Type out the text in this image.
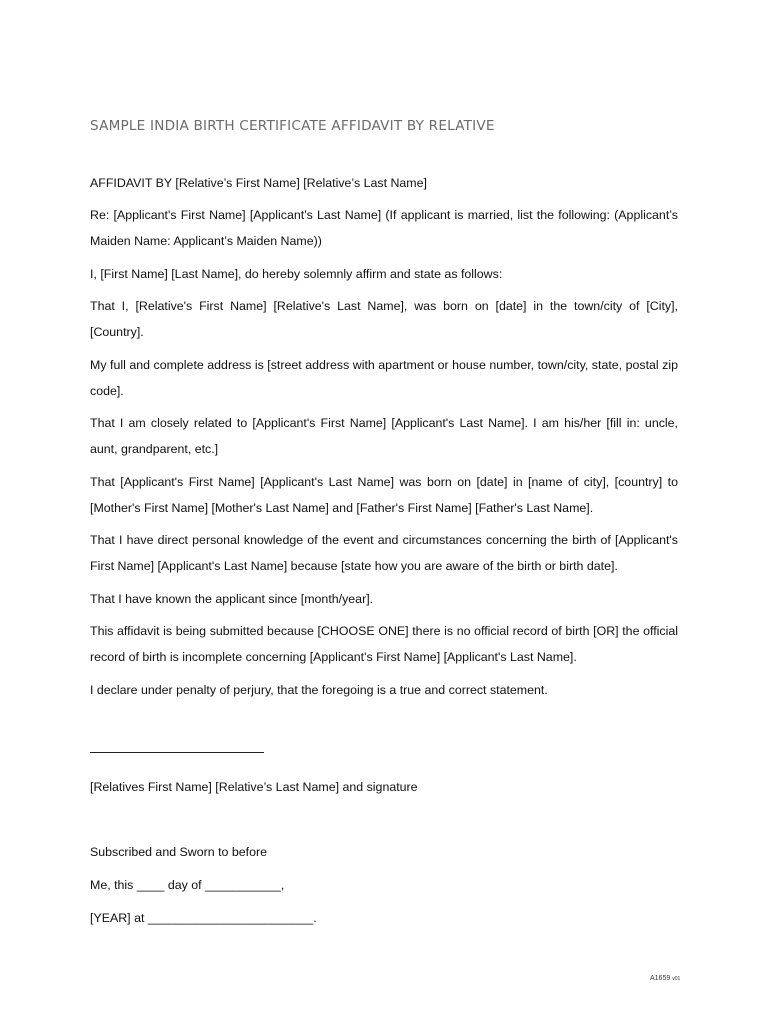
SAMPLE INDIA BIRTH CERTIFICATE AFFIDAVIT BY RELATIVE

AFFIDAVIT BY [Relative’s First Name] [Relative’s Last Name]

Re: [Applicant's First Name] [Applicant's Last Name] (If applicant is married, list the following: (Applicant’s Maiden Name: Applicant’s Maiden Name))

I, [First Name] [Last Name], do hereby solemnly affirm and state as follows:

That I, [Relative's First Name] [Relative's Last Name], was born on [date] in the town/city of [City], [Country].

My full and complete address is [street address with apartment or house number, town/city, state, postal zip code].

That I am closely related to [Applicant's First Name] [Applicant's Last Name]. I am his/her [fill in: uncle, aunt, grandparent, etc.]

That [Applicant's First Name] [Applicant's Last Name] was born on [date] in [name of city], [country] to [Mother's First Name] [Mother's Last Name] and [Father's First Name] [Father's Last Name].

That I have direct personal knowledge of the event and circumstances concerning the birth of [Applicant's First Name] [Applicant's Last Name] because [state how you are aware of the birth or birth date].

That I have known the applicant since [month/year].

This affidavit is being submitted because [CHOOSE ONE] there is no official record of birth [OR] the official record of birth is incomplete concerning [Applicant's First Name] [Applicant's Last Name].

I declare under penalty of perjury, that the foregoing is a true and correct statement.

[Relatives First Name] [Relative’s Last Name] and signature

Subscribed and Sworn to before

Me, this ____ day of ___________,

[YEAR] at ________________________.

A1659 v01
